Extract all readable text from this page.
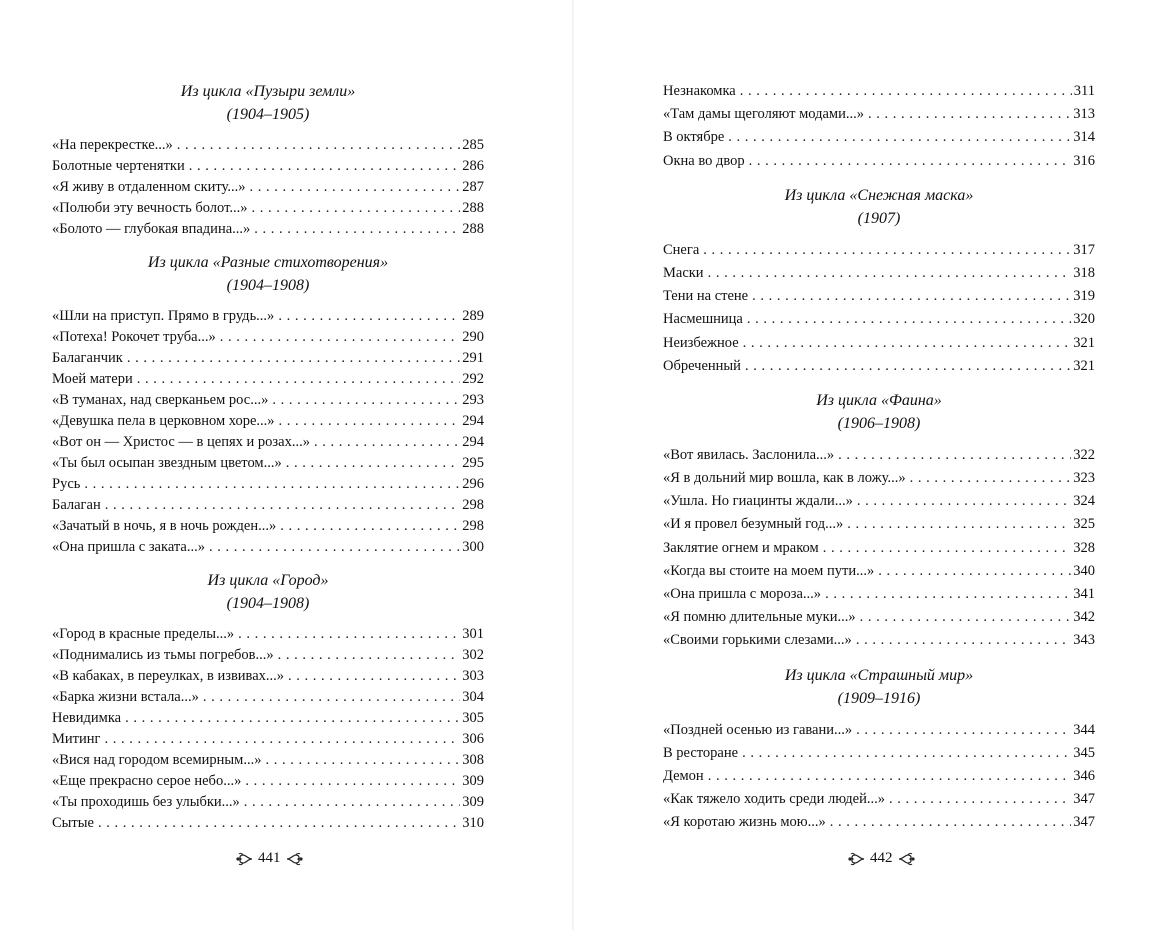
Из цикла «Пузыри земли»

(1904–1905)

«На перекрестке...» . . .	285
Болотные чертенятки . . .	286
«Я живу в отдаленном скиту...» . . .	287
«Полюби эту вечность болот...» . . .	288
«Болото — глубокая впадина...» . . .	288

Из цикла «Разные стихотворения»

(1904–1908)

«Шли на приступ. Прямо в грудь...» . . .	289
«Потеха! Рокочет труба...» . . .	290
Балаганчик . . .	291
Моей матери . . .	292
«В туманах, над сверканьем рос...» . . .	293
«Девушка пела в церковном хоре...» . . .	294
«Вот он — Христос — в цепях и розах...» . . .	294
«Ты был осыпан звездным цветом...» . . .	295
Русь . . .	296
Балаган . . .	298
«Зачатый в ночь, я в ночь рожден...» . . .	298
«Она пришла с заката...» . . .	300

Из цикла «Город»

(1904–1908)

«Город в красные пределы...» . . .	301
«Поднимались из тьмы погребов...» . . .	302
«В кабаках, в переулках, в извивах...» . . .	303
«Барка жизни встала...» . . .	304
Невидимка . . .	305
Митинг . . .	306
«Вися над городом всемирным...» . . .	308
«Еще прекрасно серое небо...» . . .	309
«Ты проходишь без улыбки...» . . .	309
Сытые . . .	310
441
Незнакомка . . .	311
«Там дамы щеголяют модами...» . . .	313
В октябре . . .	314
Окна во двор . . .	316

Из цикла «Снежная маска»

(1907)

Снега . . .	317
Маски . . .	318
Тени на стене . . .	319
Насмешница . . .	320
Неизбежное . . .	321
Обреченный . . .	321

Из цикла «Фаина»

(1906–1908)

«Вот явилась. Заслонила...» . . .	322
«Я в дольний мир вошла, как в ложу...» . . .	323
«Ушла. Но гиацинты ждали...» . . .	324
«И я провел безумный год...» . . .	325
Заклятие огнем и мраком . . .	328
«Когда вы стоите на моем пути...» . . .	340
«Она пришла с мороза...» . . .	341
«Я помню длительные муки...» . . .	342
«Своими горькими слезами...» . . .	343

Из цикла «Страшный мир»

(1909–1916)

«Поздней осенью из гавани...» . . .	344
В ресторане . . .	345
Демон . . .	346
«Как тяжело ходить среди людей...» . . .	347
«Я коротаю жизнь мою...» . . .	347
442
